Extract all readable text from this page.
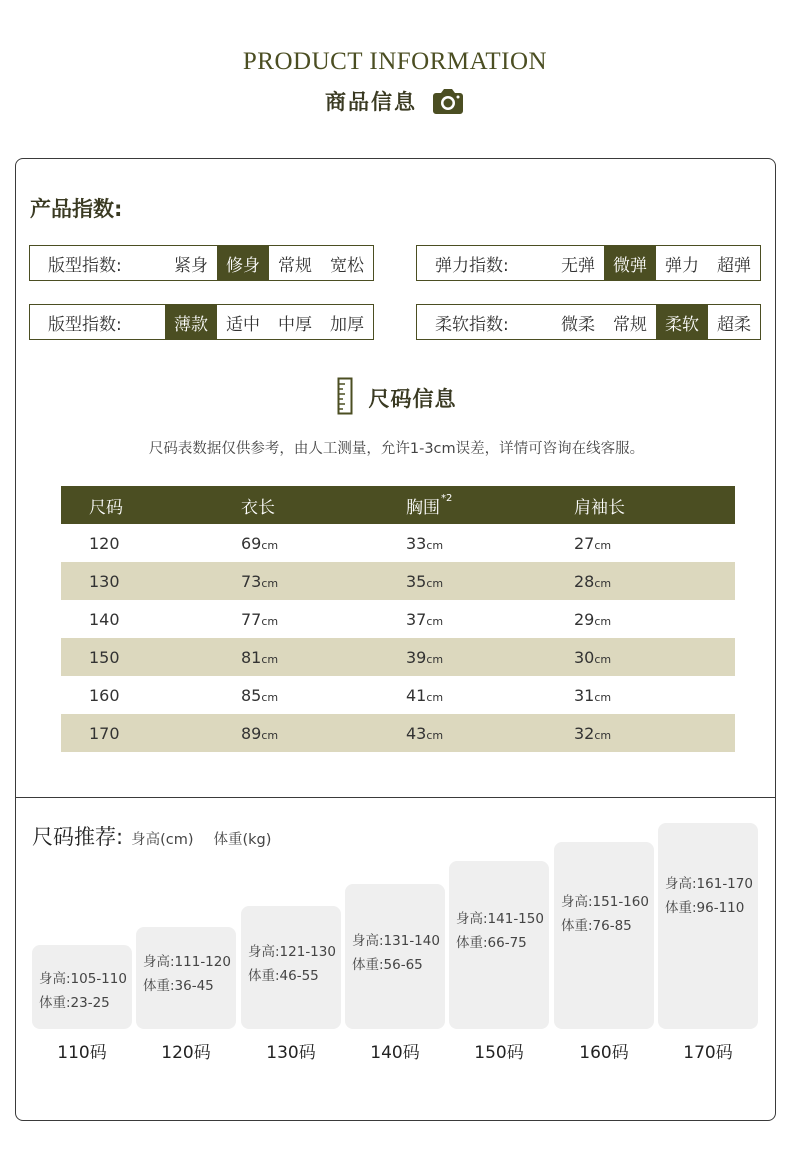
PRODUCT INFORMATION
商品信息
产品指数:
版型指数:	紧身	修身	常规	宽松	弹力指数:	无弹	微弹	弹力	超弹
版型指数:	薄款	适中	中厚	加厚	柔软指数:	微柔	常规	柔软	超柔
尺码信息
尺码表数据仅供参考，由人工测量，允许1-3cm误差，详情可咨询在线客服。
尺码	衣长	胸围$^{*2}$	肩袖长
120	69cm	33cm	27cm
130	73cm	35cm	28cm
140	77cm	37cm	29cm
150	81cm	39cm	30cm
160	85cm	41cm	31cm
170	89cm	43cm	32cm
尺码推荐: 身高(cm) 体重(kg)
身高:105-110
体重:23-25
110码
身高:111-120
体重:36-45
120码
身高:121-130
体重:46-55
130码
身高:131-140
体重:56-65
140码
身高:141-150
体重:66-75
150码
身高:151-160
体重:76-85
160码
身高:161-170
体重:96-110
170码
